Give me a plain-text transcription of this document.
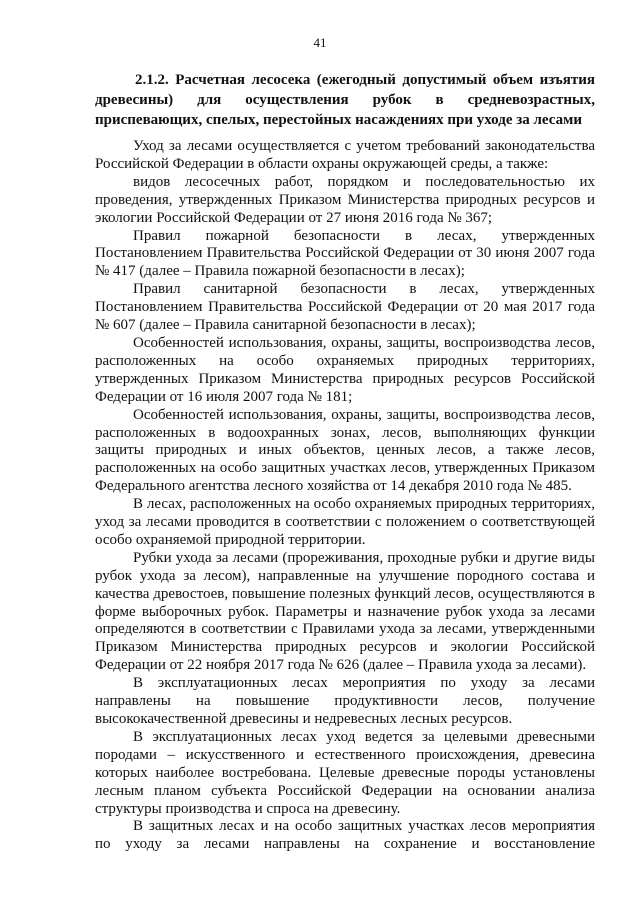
41

2.1.2. Расчетная лесосека (ежегодный допустимый объем изъятия древесины) для осуществления рубок в средневозрастных, приспевающих, спелых, перестойных насаждениях при уходе за лесами

Уход за лесами осуществляется с учетом требований законодательства Российской Федерации в области охраны окружающей среды, а также:

видов лесосечных работ, порядком и последовательностью их проведения, утвержденных Приказом Министерства природных ресурсов и экологии Российской Федерации от 27 июня 2016 года № 367;

Правил пожарной безопасности в лесах, утвержденных Постановлением Правительства Российской Федерации от 30 июня 2007 года № 417 (далее – Правила пожарной безопасности в лесах);

Правил санитарной безопасности в лесах, утвержденных Постановлением Правительства Российской Федерации от 20 мая 2017 года № 607 (далее – Правила санитарной безопасности в лесах);

Особенностей использования, охраны, защиты, воспроизводства лесов, расположенных на особо охраняемых природных территориях, утвержденных Приказом Министерства природных ресурсов Российской Федерации от 16 июля 2007 года № 181;

Особенностей использования, охраны, защиты, воспроизводства лесов, расположенных в водоохранных зонах, лесов, выполняющих функции защиты природных и иных объектов, ценных лесов, а также лесов, расположенных на особо защитных участках лесов, утвержденных Приказом Федерального агентства лесного хозяйства от 14 декабря 2010 года № 485.

В лесах, расположенных на особо охраняемых природных территориях, уход за лесами проводится в соответствии с положением о соответствующей особо охраняемой природной территории.

Рубки ухода за лесами (прореживания, проходные рубки и другие виды рубок ухода за лесом), направленные на улучшение породного состава и качества древостоев, повышение полезных функций лесов, осуществляются в форме выборочных рубок. Параметры и назначение рубок ухода за лесами определяются в соответствии с Правилами ухода за лесами, утвержденными Приказом Министерства природных ресурсов и экологии Российской Федерации от 22 ноября 2017 года № 626 (далее – Правила ухода за лесами).

В эксплуатационных лесах мероприятия по уходу за лесами направлены на повышение продуктивности лесов, получение высококачественной древесины и недревесных лесных ресурсов.

В эксплуатационных лесах уход ведется за целевыми древесными породами – искусственного и естественного происхождения, древесина которых наиболее востребована. Целевые древесные породы установлены лесным планом субъекта Российской Федерации на основании анализа структуры производства и спроса на древесину.

В защитных лесах и на особо защитных участках лесов мероприятия по уходу за лесами направлены на сохранение и восстановление
